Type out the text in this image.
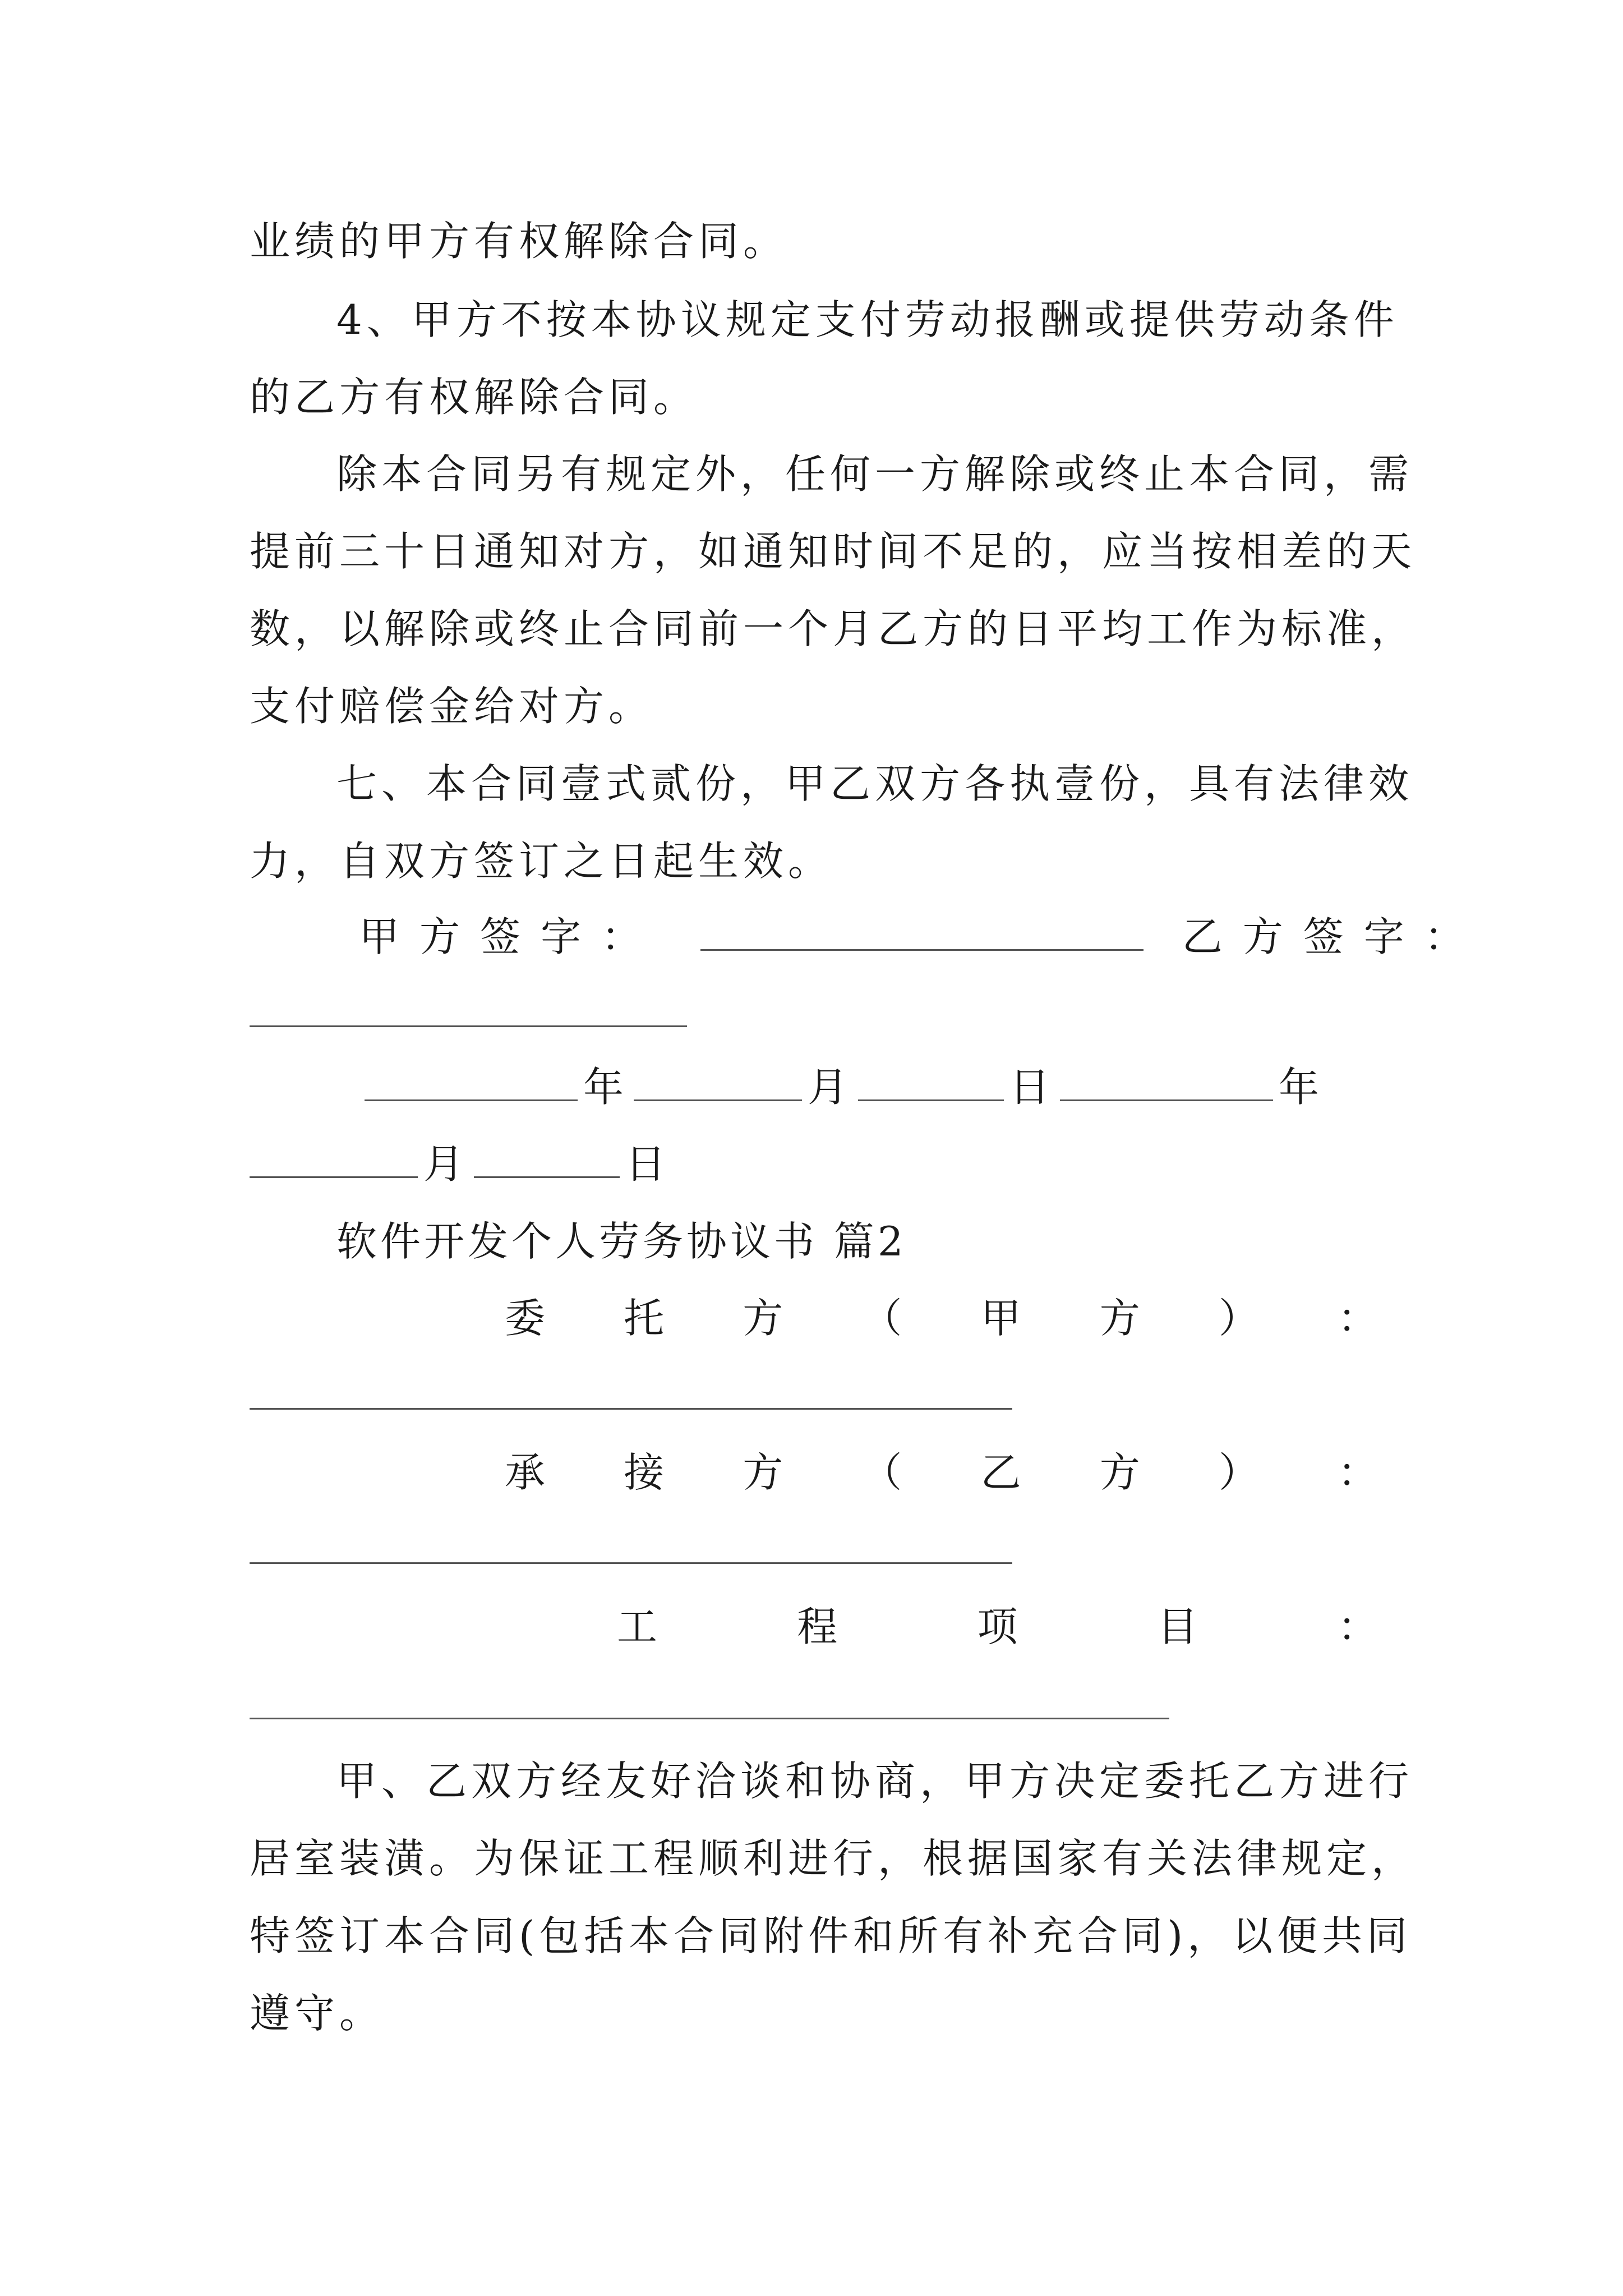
业绩的甲方有权解除合同。
4、甲方不按本协议规定支付劳动报酬或提供劳动条件
的乙方有权解除合同。
除本合同另有规定外，任何一方解除或终止本合同，需
提前三十日通知对方，如通知时间不足的，应当按相差的天
数，以解除或终止合同前一个月乙方的日平均工作为标准，
支付赔偿金给对方。
七、本合同壹式贰份，甲乙双方各执壹份，具有法律效
力，自双方签订之日起生效。
甲方签字：	乙方签字：
年	月	日	年
月	日
软件开发个人劳务协议书 篇2
委 托 方 （ 甲 方 ） ：
承 接 方 （ 乙 方 ） ：
工	程	项	目	：
甲、乙双方经友好洽谈和协商，甲方决定委托乙方进行
居室装潢。为保证工程顺利进行，根据国家有关法律规定，
特签订本合同(包括本合同附件和所有补充合同)，以便共同
遵守。
